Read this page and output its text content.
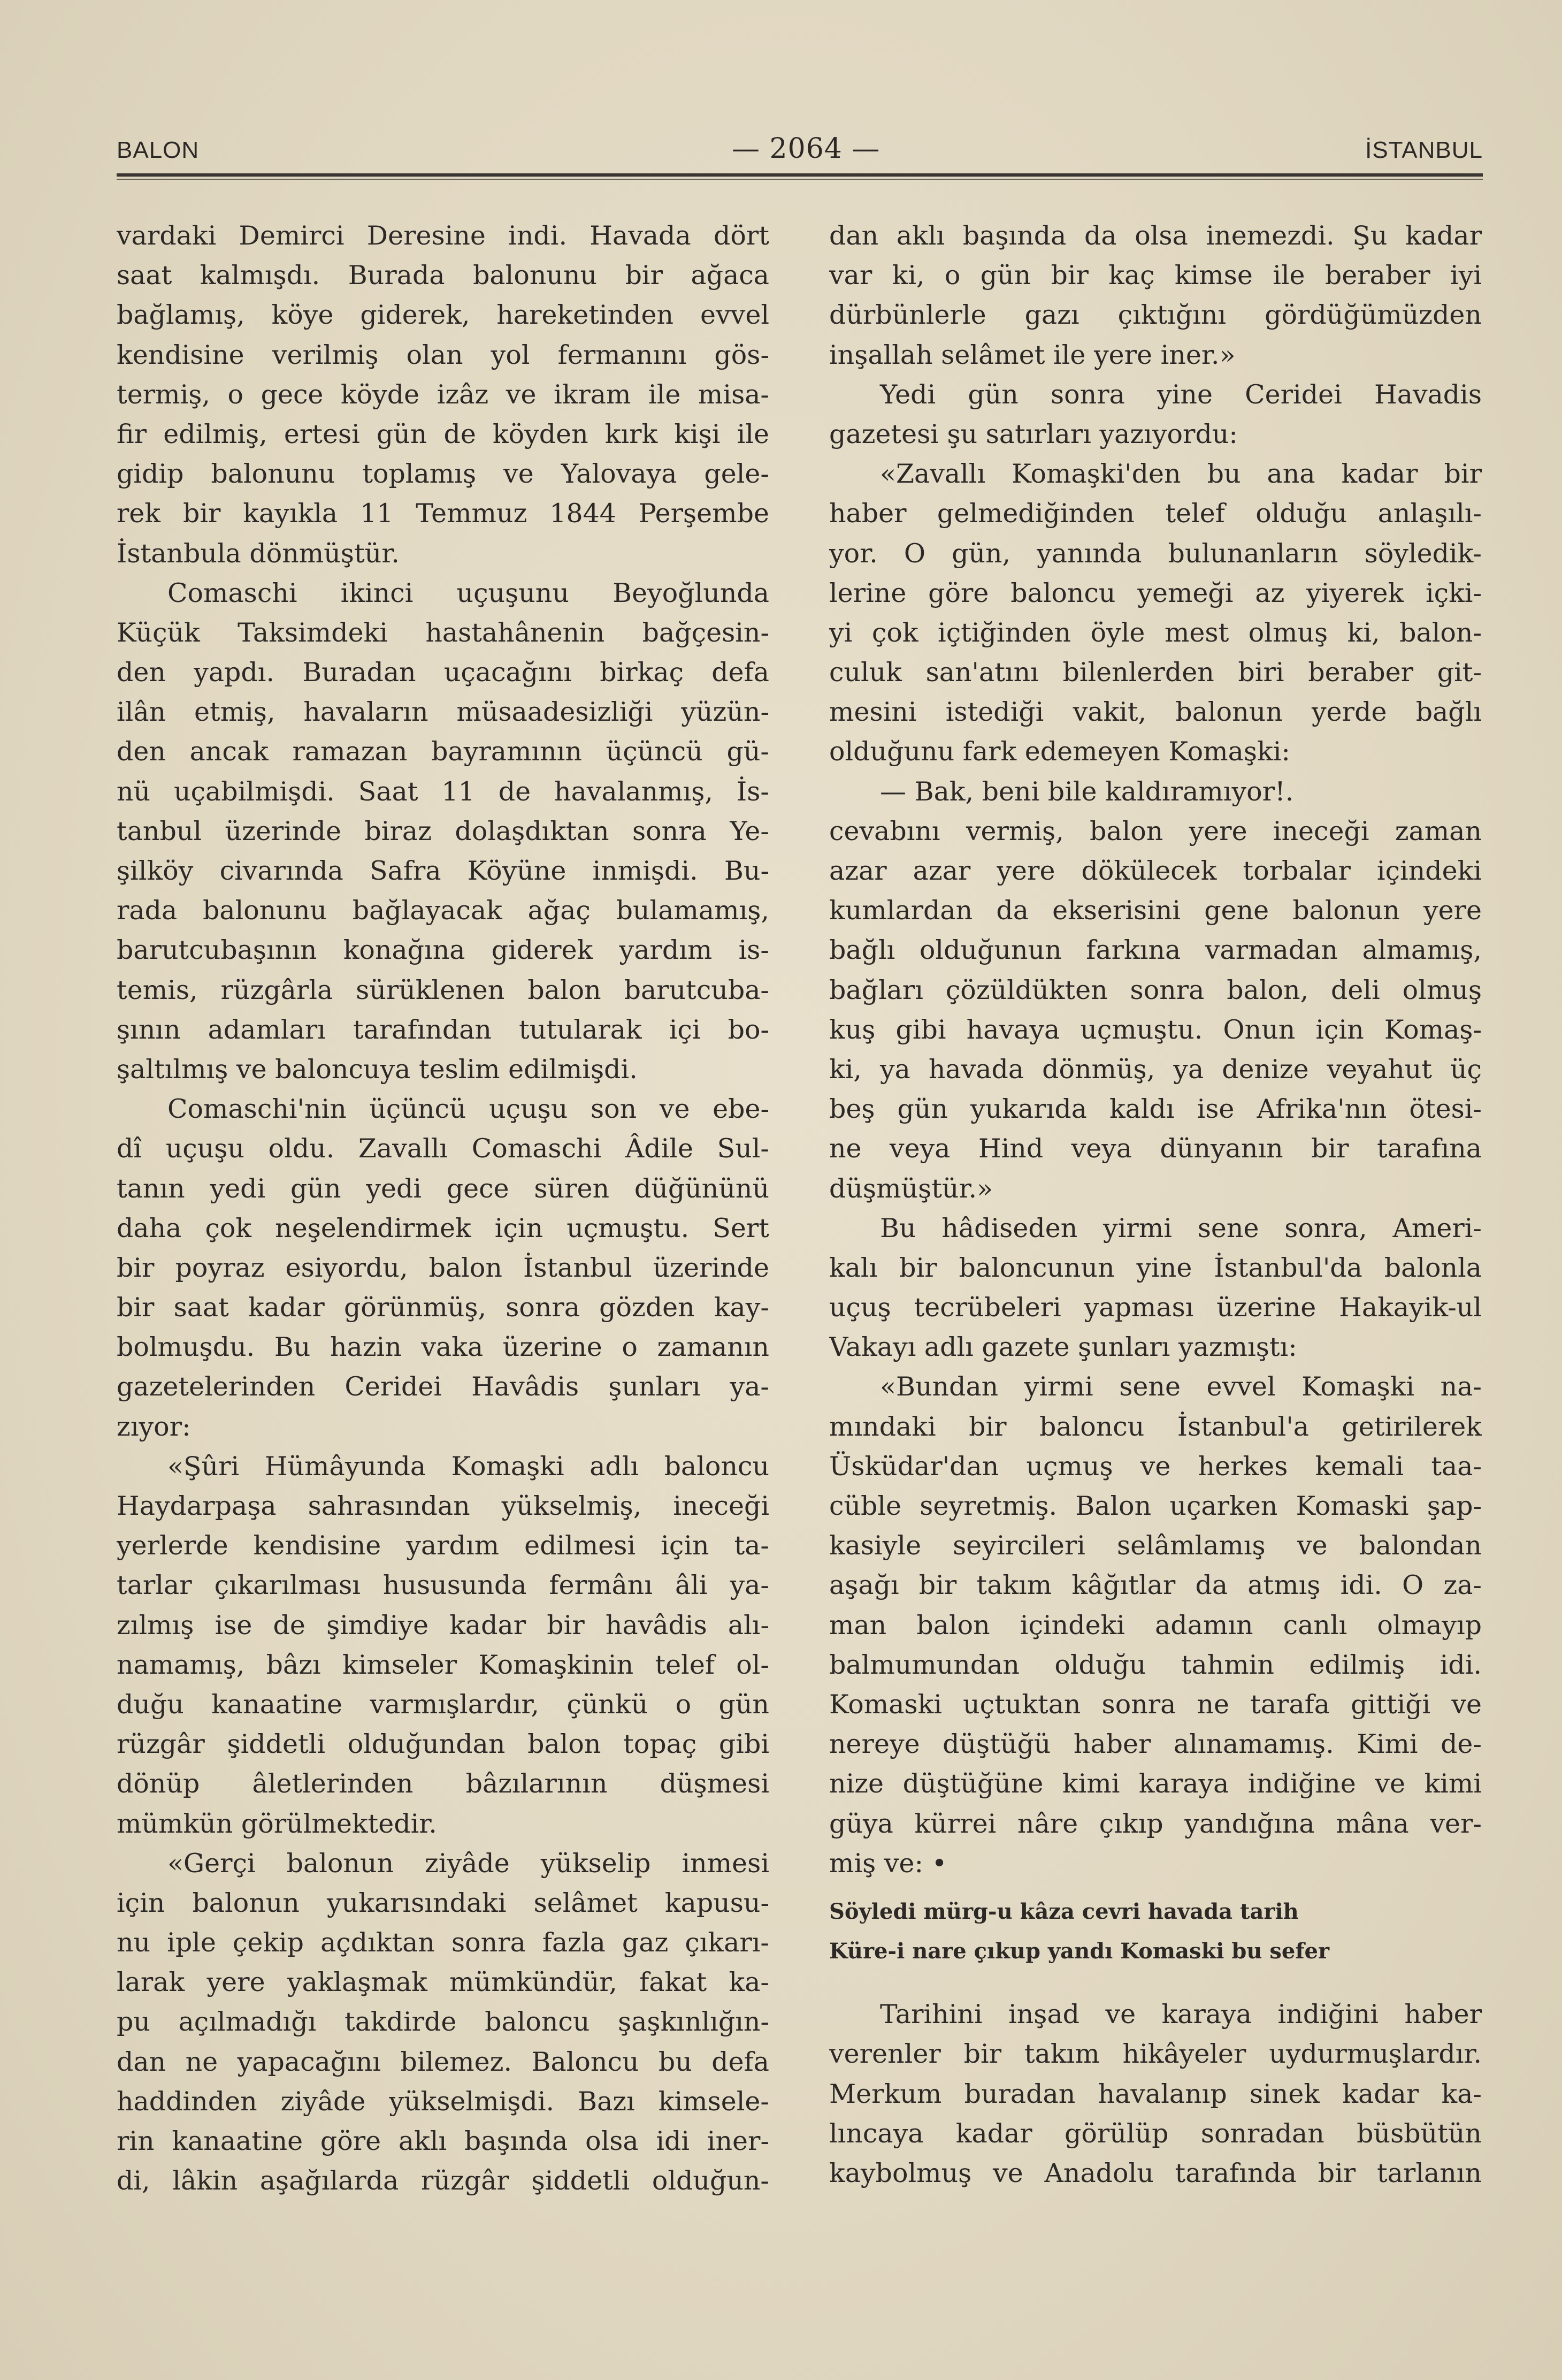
BALON	— 2064 —	İSTANBUL
vardaki Demirci Deresine indi. Havada dört
saat kalmışdı. Burada balonunu bir ağaca
bağlamış, köye giderek, hareketinden evvel
kendisine verilmiş olan yol fermanını gös-
termiş, o gece köyde izâz ve ikram ile misa-
fir edilmiş, ertesi gün de köyden kırk kişi ile
gidip balonunu toplamış ve Yalovaya gele-
rek bir kayıkla 11 Temmuz 1844 Perşembe
İstanbula dönmüştür.
Comaschi ikinci uçuşunu Beyoğlunda
Küçük Taksimdeki hastahânenin bağçesin-
den yapdı. Buradan uçacağını birkaç defa
ilân etmiş, havaların müsaadesizliği yüzün-
den ancak ramazan bayramının üçüncü gü-
nü uçabilmişdi. Saat 11 de havalanmış, İs-
tanbul üzerinde biraz dolaşdıktan sonra Ye-
şilköy civarında Safra Köyüne inmişdi. Bu-
rada balonunu bağlayacak ağaç bulamamış,
barutcubaşının konağına giderek yardım is-
temis, rüzgârla sürüklenen balon barutcuba-
şının adamları tarafından tutularak içi bo-
şaltılmış ve baloncuya teslim edilmişdi.
Comaschi'nin üçüncü uçuşu son ve ebe-
dî uçuşu oldu. Zavallı Comaschi Âdile Sul-
tanın yedi gün yedi gece süren düğününü
daha çok neşelendirmek için uçmuştu. Sert
bir poyraz esiyordu, balon İstanbul üzerinde
bir saat kadar görünmüş, sonra gözden kay-
bolmuşdu. Bu hazin vaka üzerine o zamanın
gazetelerinden Ceridei Havâdis şunları ya-
zıyor:
«Şûri Hümâyunda Komaşki adlı baloncu
Haydarpaşa sahrasından yükselmiş, ineceği
yerlerde kendisine yardım edilmesi için ta-
tarlar çıkarılması hususunda fermânı âli ya-
zılmış ise de şimdiye kadar bir havâdis alı-
namamış, bâzı kimseler Komaşkinin telef ol-
duğu kanaatine varmışlardır, çünkü o gün
rüzgâr şiddetli olduğundan balon topaç gibi
dönüp âletlerinden bâzılarının düşmesi
mümkün görülmektedir.
«Gerçi balonun ziyâde yükselip inmesi
için balonun yukarısındaki selâmet kapusu-
nu iple çekip açdıktan sonra fazla gaz çıkarı-
larak yere yaklaşmak mümkündür, fakat ka-
pu açılmadığı takdirde baloncu şaşkınlığın-
dan ne yapacağını bilemez. Baloncu bu defa
haddinden ziyâde yükselmişdi. Bazı kimsele-
rin kanaatine göre aklı başında olsa idi iner-
di, lâkin aşağılarda rüzgâr şiddetli olduğun-
dan aklı başında da olsa inemezdi. Şu kadar
var ki, o gün bir kaç kimse ile beraber iyi
dürbünlerle gazı çıktığını gördüğümüzden
inşallah selâmet ile yere iner.»
Yedi gün sonra yine Ceridei Havadis
gazetesi şu satırları yazıyordu:
«Zavallı Komaşki'den bu ana kadar bir
haber gelmediğinden telef olduğu anlaşılı-
yor. O gün, yanında bulunanların söyledik-
lerine göre baloncu yemeği az yiyerek içki-
yi çok içtiğinden öyle mest olmuş ki, balon-
culuk san'atını bilenlerden biri beraber git-
mesini istediği vakit, balonun yerde bağlı
olduğunu fark edemeyen Komaşki:
— Bak, beni bile kaldıramıyor!.
cevabını vermiş, balon yere ineceği zaman
azar azar yere dökülecek torbalar içindeki
kumlardan da ekserisini gene balonun yere
bağlı olduğunun farkına varmadan almamış,
bağları çözüldükten sonra balon, deli olmuş
kuş gibi havaya uçmuştu. Onun için Komaş-
ki, ya havada dönmüş, ya denize veyahut üç
beş gün yukarıda kaldı ise Afrika'nın ötesi-
ne veya Hind veya dünyanın bir tarafına
düşmüştür.»
Bu hâdiseden yirmi sene sonra, Ameri-
kalı bir baloncunun yine İstanbul'da balonla
uçuş tecrübeleri yapması üzerine Hakayik-ul
Vakayı adlı gazete şunları yazmıştı:
«Bundan yirmi sene evvel Komaşki na-
mındaki bir baloncu İstanbul'a getirilerek
Üsküdar'dan uçmuş ve herkes kemali taa-
cüble seyretmiş. Balon uçarken Komaski şap-
kasiyle seyircileri selâmlamış ve balondan
aşağı bir takım kâğıtlar da atmış idi. O za-
man balon içindeki adamın canlı olmayıp
balmumundan olduğu tahmin edilmiş idi.
Komaski uçtuktan sonra ne tarafa gittiği ve
nereye düştüğü haber alınamamış. Kimi de-
nize düştüğüne kimi karaya indiğine ve kimi
güya kürrei nâre çıkıp yandığına mâna ver-
miş ve: •
Söyledi mürg-u kâza cevri havada tarih
Küre-i nare çıkup yandı Komaski bu sefer
Tarihini inşad ve karaya indiğini haber
verenler bir takım hikâyeler uydurmuşlardır.
Merkum buradan havalanıp sinek kadar ka-
lıncaya kadar görülüp sonradan büsbütün
kaybolmuş ve Anadolu tarafında bir tarlanın
